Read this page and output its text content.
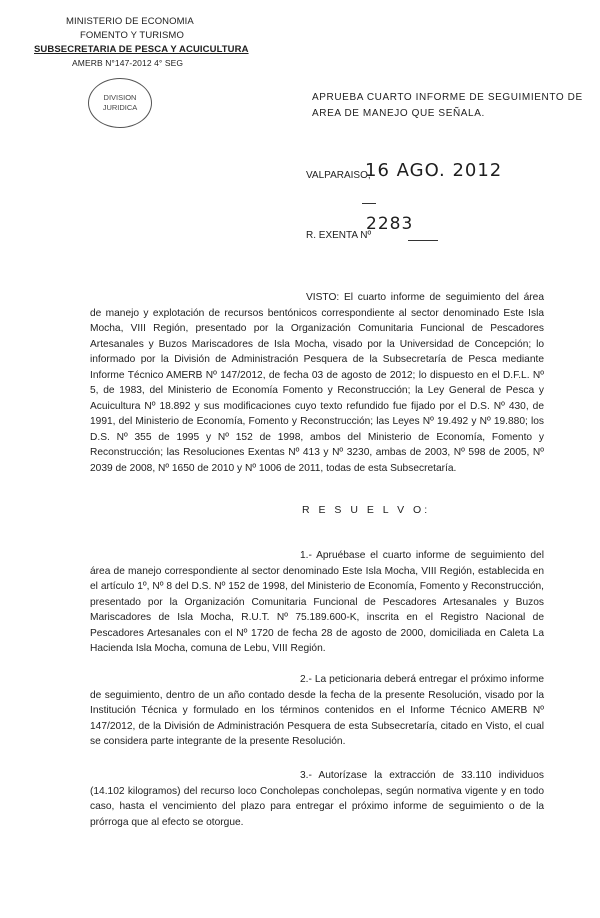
MINISTERIO DE ECONOMIA
FOMENTO Y TURISMO
SUBSECRETARIA DE PESCA Y ACUICULTURA
AMERB N°147-2012 4° SEG
DIVISION
JURIDICA
APRUEBA CUARTO INFORME DE SEGUIMIENTO DE
AREA DE MANEJO QUE SEÑALA.
VALPARAISO,
16 AGO. 2012
2283
R. EXENTA Nº
VISTO: El cuarto informe de seguimiento del área de manejo y explotación de recursos bentónicos correspondiente al sector denominado Este Isla Mocha, VIII Región, presentado por la Organización Comunitaria Funcional de Pescadores Artesanales y Buzos Mariscadores de Isla Mocha, visado por la Universidad de Concepción; lo informado por la División de Administración Pesquera de la Subsecretaría de Pesca mediante Informe Técnico AMERB Nº 147/2012, de fecha 03 de agosto de 2012; lo dispuesto en el D.F.L. Nº 5, de 1983, del Ministerio de Economía Fomento y Reconstrucción; la Ley General de Pesca y Acuicultura Nº 18.892 y sus modificaciones cuyo texto refundido fue fijado por el D.S. Nº 430, de 1991, del Ministerio de Economía, Fomento y Reconstrucción; las Leyes Nº 19.492 y Nº 19.880; los D.S. Nº 355 de 1995 y Nº 152 de 1998, ambos del Ministerio de Economía, Fomento y Reconstrucción; las Resoluciones Exentas Nº 413 y Nº 3230, ambas de 2003, Nº 598 de 2005, Nº 2039 de 2008, Nº 1650 de 2010 y Nº 1006 de 2011, todas de esta Subsecretaría.
R E S U E L V O:
1.- Apruébase el cuarto informe de seguimiento del área de manejo correspondiente al sector denominado Este Isla Mocha, VIII Región, establecida en el artículo 1º, Nº 8 del D.S. Nº 152 de 1998, del Ministerio de Economía, Fomento y Reconstrucción, presentado por la Organización Comunitaria Funcional de Pescadores Artesanales y Buzos Mariscadores de Isla Mocha, R.U.T. Nº 75.189.600-K, inscrita en el Registro Nacional de Pescadores Artesanales con el Nº 1720 de fecha 28 de agosto de 2000, domiciliada en Caleta La Hacienda Isla Mocha, comuna de Lebu, VIII Región.
2.- La peticionaria deberá entregar el próximo informe de seguimiento, dentro de un año contado desde la fecha de la presente Resolución, visado por la Institución Técnica y formulado en los términos contenidos en el Informe Técnico AMERB Nº 147/2012, de la División de Administración Pesquera de esta Subsecretaría, citado en Visto, el cual se considera parte integrante de la presente Resolución.
3.- Autorízase la extracción de 33.110 individuos (14.102 kilogramos) del recurso loco Concholepas concholepas, según normativa vigente y en todo caso, hasta el vencimiento del plazo para entregar el próximo informe de seguimiento o de la prórroga que al efecto se otorgue.
